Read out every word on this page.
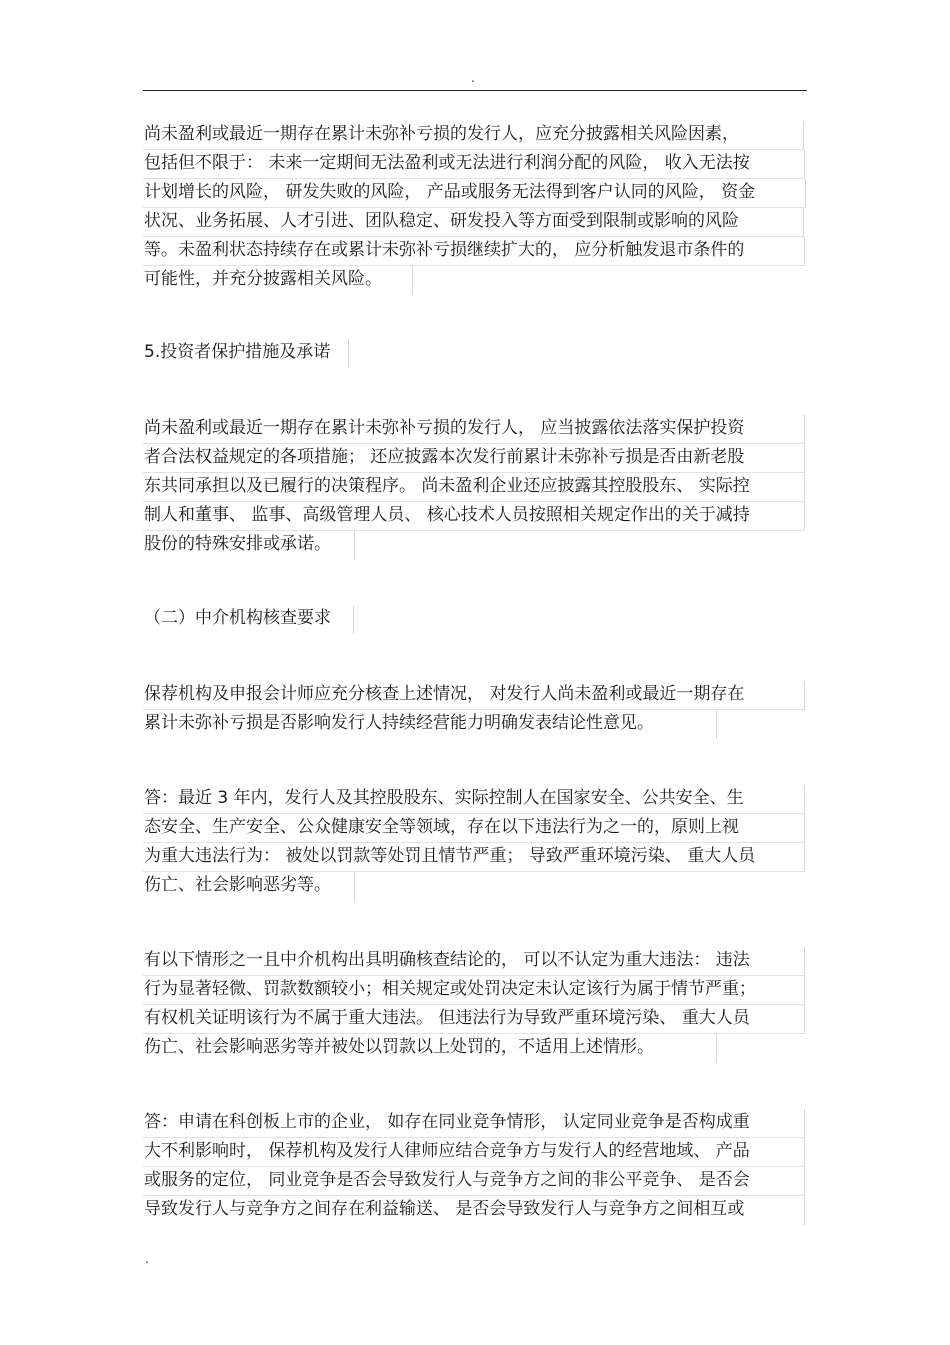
.
尚未盈利或最近一期存在累计未弥补亏损的发行人，应充分披露相关风险因素，
包括但不限于： 未来一定期间无法盈利或无法进行利润分配的风险， 收入无法按
计划增长的风险， 研发失败的风险， 产品或服务无法得到客户认同的风险， 资金
状况、业务拓展、人才引进、团队稳定、研发投入等方面受到限制或影响的风险
等。未盈利状态持续存在或累计未弥补亏损继续扩大的， 应分析触发退市条件的
可能性，并充分披露相关风险。
5.投资者保护措施及承诺
尚未盈利或最近一期存在累计未弥补亏损的发行人， 应当披露依法落实保护投资
者合法权益规定的各项措施； 还应披露本次发行前累计未弥补亏损是否由新老股
东共同承担以及已履行的决策程序。 尚未盈利企业还应披露其控股股东、 实际控
制人和董事、 监事、高级管理人员、 核心技术人员按照相关规定作出的关于减持
股份的特殊安排或承诺。
（二）中介机构核查要求
保荐机构及申报会计师应充分核查上述情况， 对发行人尚未盈利或最近一期存在
累计未弥补亏损是否影响发行人持续经营能力明确发表结论性意见。
答：最近 3 年内，发行人及其控股股东、实际控制人在国家安全、公共安全、生
态安全、生产安全、公众健康安全等领域，存在以下违法行为之一的，原则上视
为重大违法行为： 被处以罚款等处罚且情节严重； 导致严重环境污染、 重大人员
伤亡、社会影响恶劣等。
有以下情形之一且中介机构出具明确核查结论的， 可以不认定为重大违法： 违法
行为显著轻微、罚款数额较小；相关规定或处罚决定未认定该行为属于情节严重；
有权机关证明该行为不属于重大违法。 但违法行为导致严重环境污染、 重大人员
伤亡、社会影响恶劣等并被处以罚款以上处罚的，不适用上述情形。
答：申请在科创板上市的企业， 如存在同业竞争情形， 认定同业竞争是否构成重
大不利影响时， 保荐机构及发行人律师应结合竞争方与发行人的经营地域、 产品
或服务的定位， 同业竞争是否会导致发行人与竞争方之间的非公平竞争、 是否会
导致发行人与竞争方之间存在利益输送、 是否会导致发行人与竞争方之间相互或
.
